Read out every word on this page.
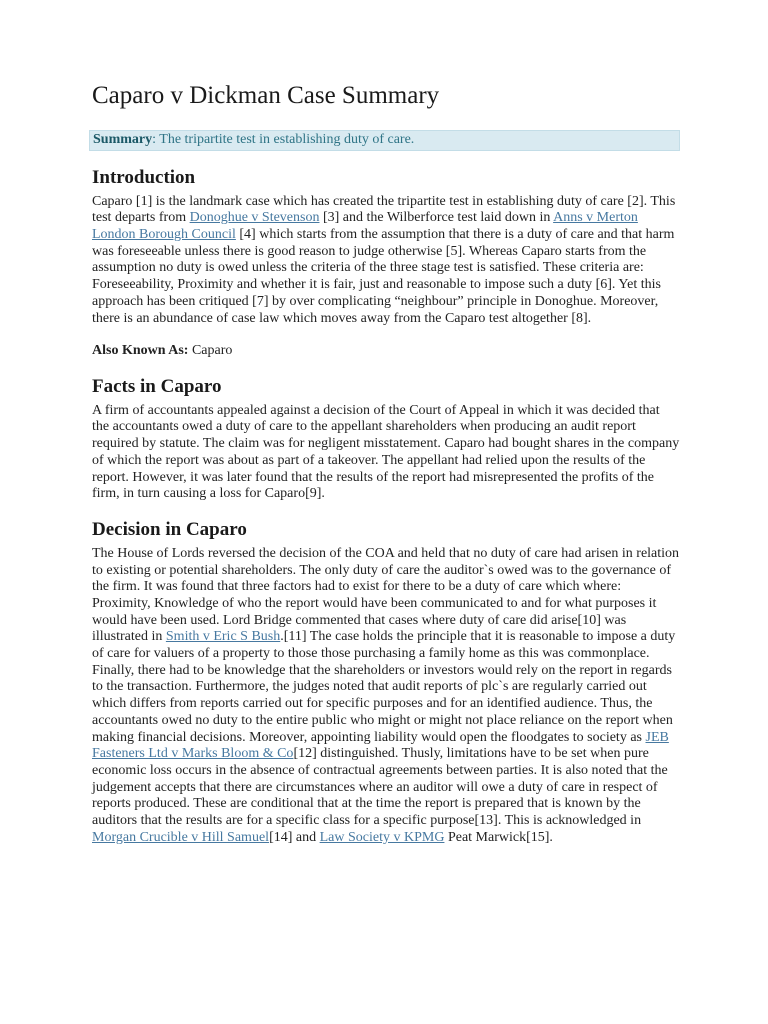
Caparo v Dickman Case Summary
Summary: The tripartite test in establishing duty of care.
Introduction

Caparo [1] is the landmark case which has created the tripartite test in establishing duty of care [2]. This test departs from Donoghue v Stevenson [3] and the Wilberforce test laid down in Anns v Merton London Borough Council [4] which starts from the assumption that there is a duty of care and that harm was foreseeable unless there is good reason to judge otherwise [5]. Whereas Caparo starts from the assumption no duty is owed unless the criteria of the three stage test is satisfied. These criteria are: Foreseeability, Proximity and whether it is fair, just and reasonable to impose such a duty [6]. Yet this approach has been critiqued [7] by over complicating “neighbour” principle in Donoghue. Moreover, there is an abundance of case law which moves away from the Caparo test altogether [8].

Also Known As: Caparo

Facts in Caparo

A firm of accountants appealed against a decision of the Court of Appeal in which it was decided that the accountants owed a duty of care to the appellant shareholders when producing an audit report required by statute. The claim was for negligent misstatement. Caparo had bought shares in the company of which the report was about as part of a takeover. The appellant had relied upon the results of the report. However, it was later found that the results of the report had misrepresented the profits of the firm, in turn causing a loss for Caparo[9].

Decision in Caparo

The House of Lords reversed the decision of the COA and held that no duty of care had arisen in relation to existing or potential shareholders. The only duty of care the auditor`s owed was to the governance of the firm. It was found that three factors had to exist for there to be a duty of care which where: Proximity, Knowledge of who the report would have been communicated to and for what purposes it would have been used. Lord Bridge commented that cases where duty of care did arise[10] was illustrated in Smith v Eric S Bush.[11] The case holds the principle that it is reasonable to impose a duty of care for valuers of a property to those those purchasing a family home as this was commonplace. Finally, there had to be knowledge that the shareholders or investors would rely on the report in regards to the transaction. Furthermore, the judges noted that audit reports of plc`s are regularly carried out which differs from reports carried out for specific purposes and for an identified audience. Thus, the accountants owed no duty to the entire public who might or might not place reliance on the report when making financial decisions. Moreover, appointing liability would open the floodgates to society as JEB Fasteners Ltd v Marks Bloom & Co[12] distinguished. Thusly, limitations have to be set when pure economic loss occurs in the absence of contractual agreements between parties. It is also noted that the judgement accepts that there are circumstances where an auditor will owe a duty of care in respect of reports produced. These are conditional that at the time the report is prepared that is known by the auditors that the results are for a specific class for a specific purpose[13]. This is acknowledged in Morgan Crucible v Hill Samuel[14] and Law Society v KPMG Peat Marwick[15].
